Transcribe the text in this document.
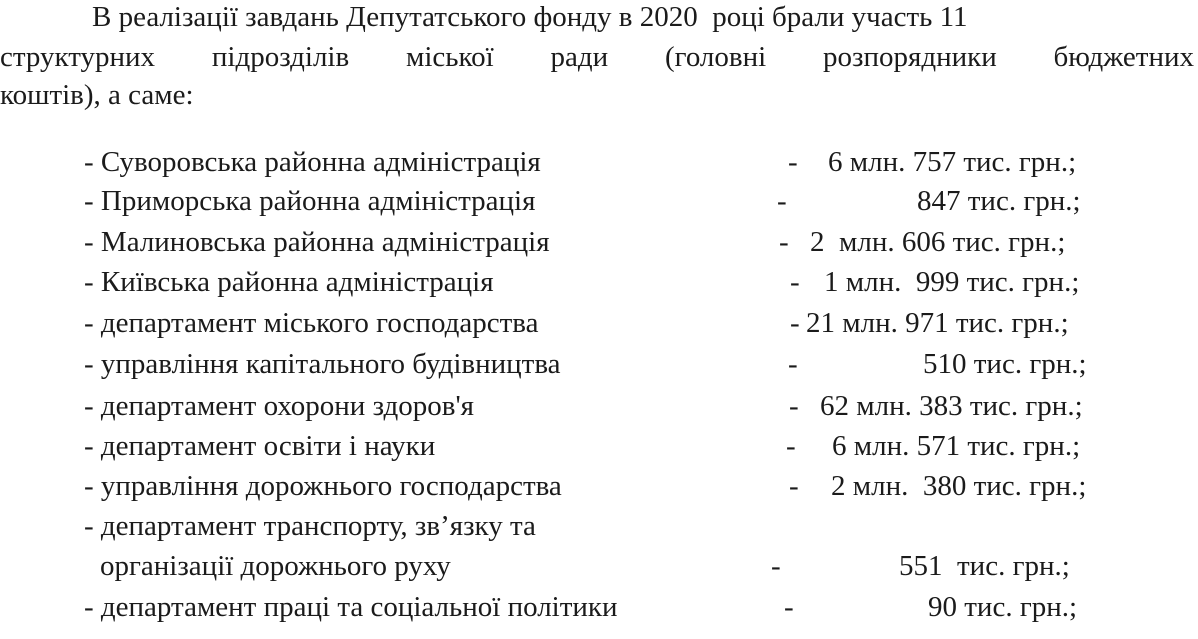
В реалізації завдань Депутатського фонду в 2020  році брали участь 11
структурних підрозділів міської ради (головні розпорядники бюджетних
коштів), а саме:
- Суворовська районна адміністрація	- 6 млн. 757 тис. грн.;
- Приморська районна адміністрація	-	847 тис. грн.;
- Малиновська районна адміністрація	- 2  млн. 606 тис. грн.;
- Київська районна адміністрація	- 1 млн.  999 тис. грн.;
- департамент міського господарства	- 21 млн. 971 тис. грн.;
- управління капітального будівництва	-	510 тис. грн.;
- департамент охорони здоров'я	- 62 млн. 383 тис. грн.;
- департамент освіти і науки	- 6 млн. 571 тис. грн.;
- управління дорожнього господарства	- 2 млн.  380 тис. грн.;
- департамент транспорту, зв’язку та
організації дорожнього руху	-	551  тис. грн.;
- департамент праці та соціальної політики	-	90 тис. грн.;
